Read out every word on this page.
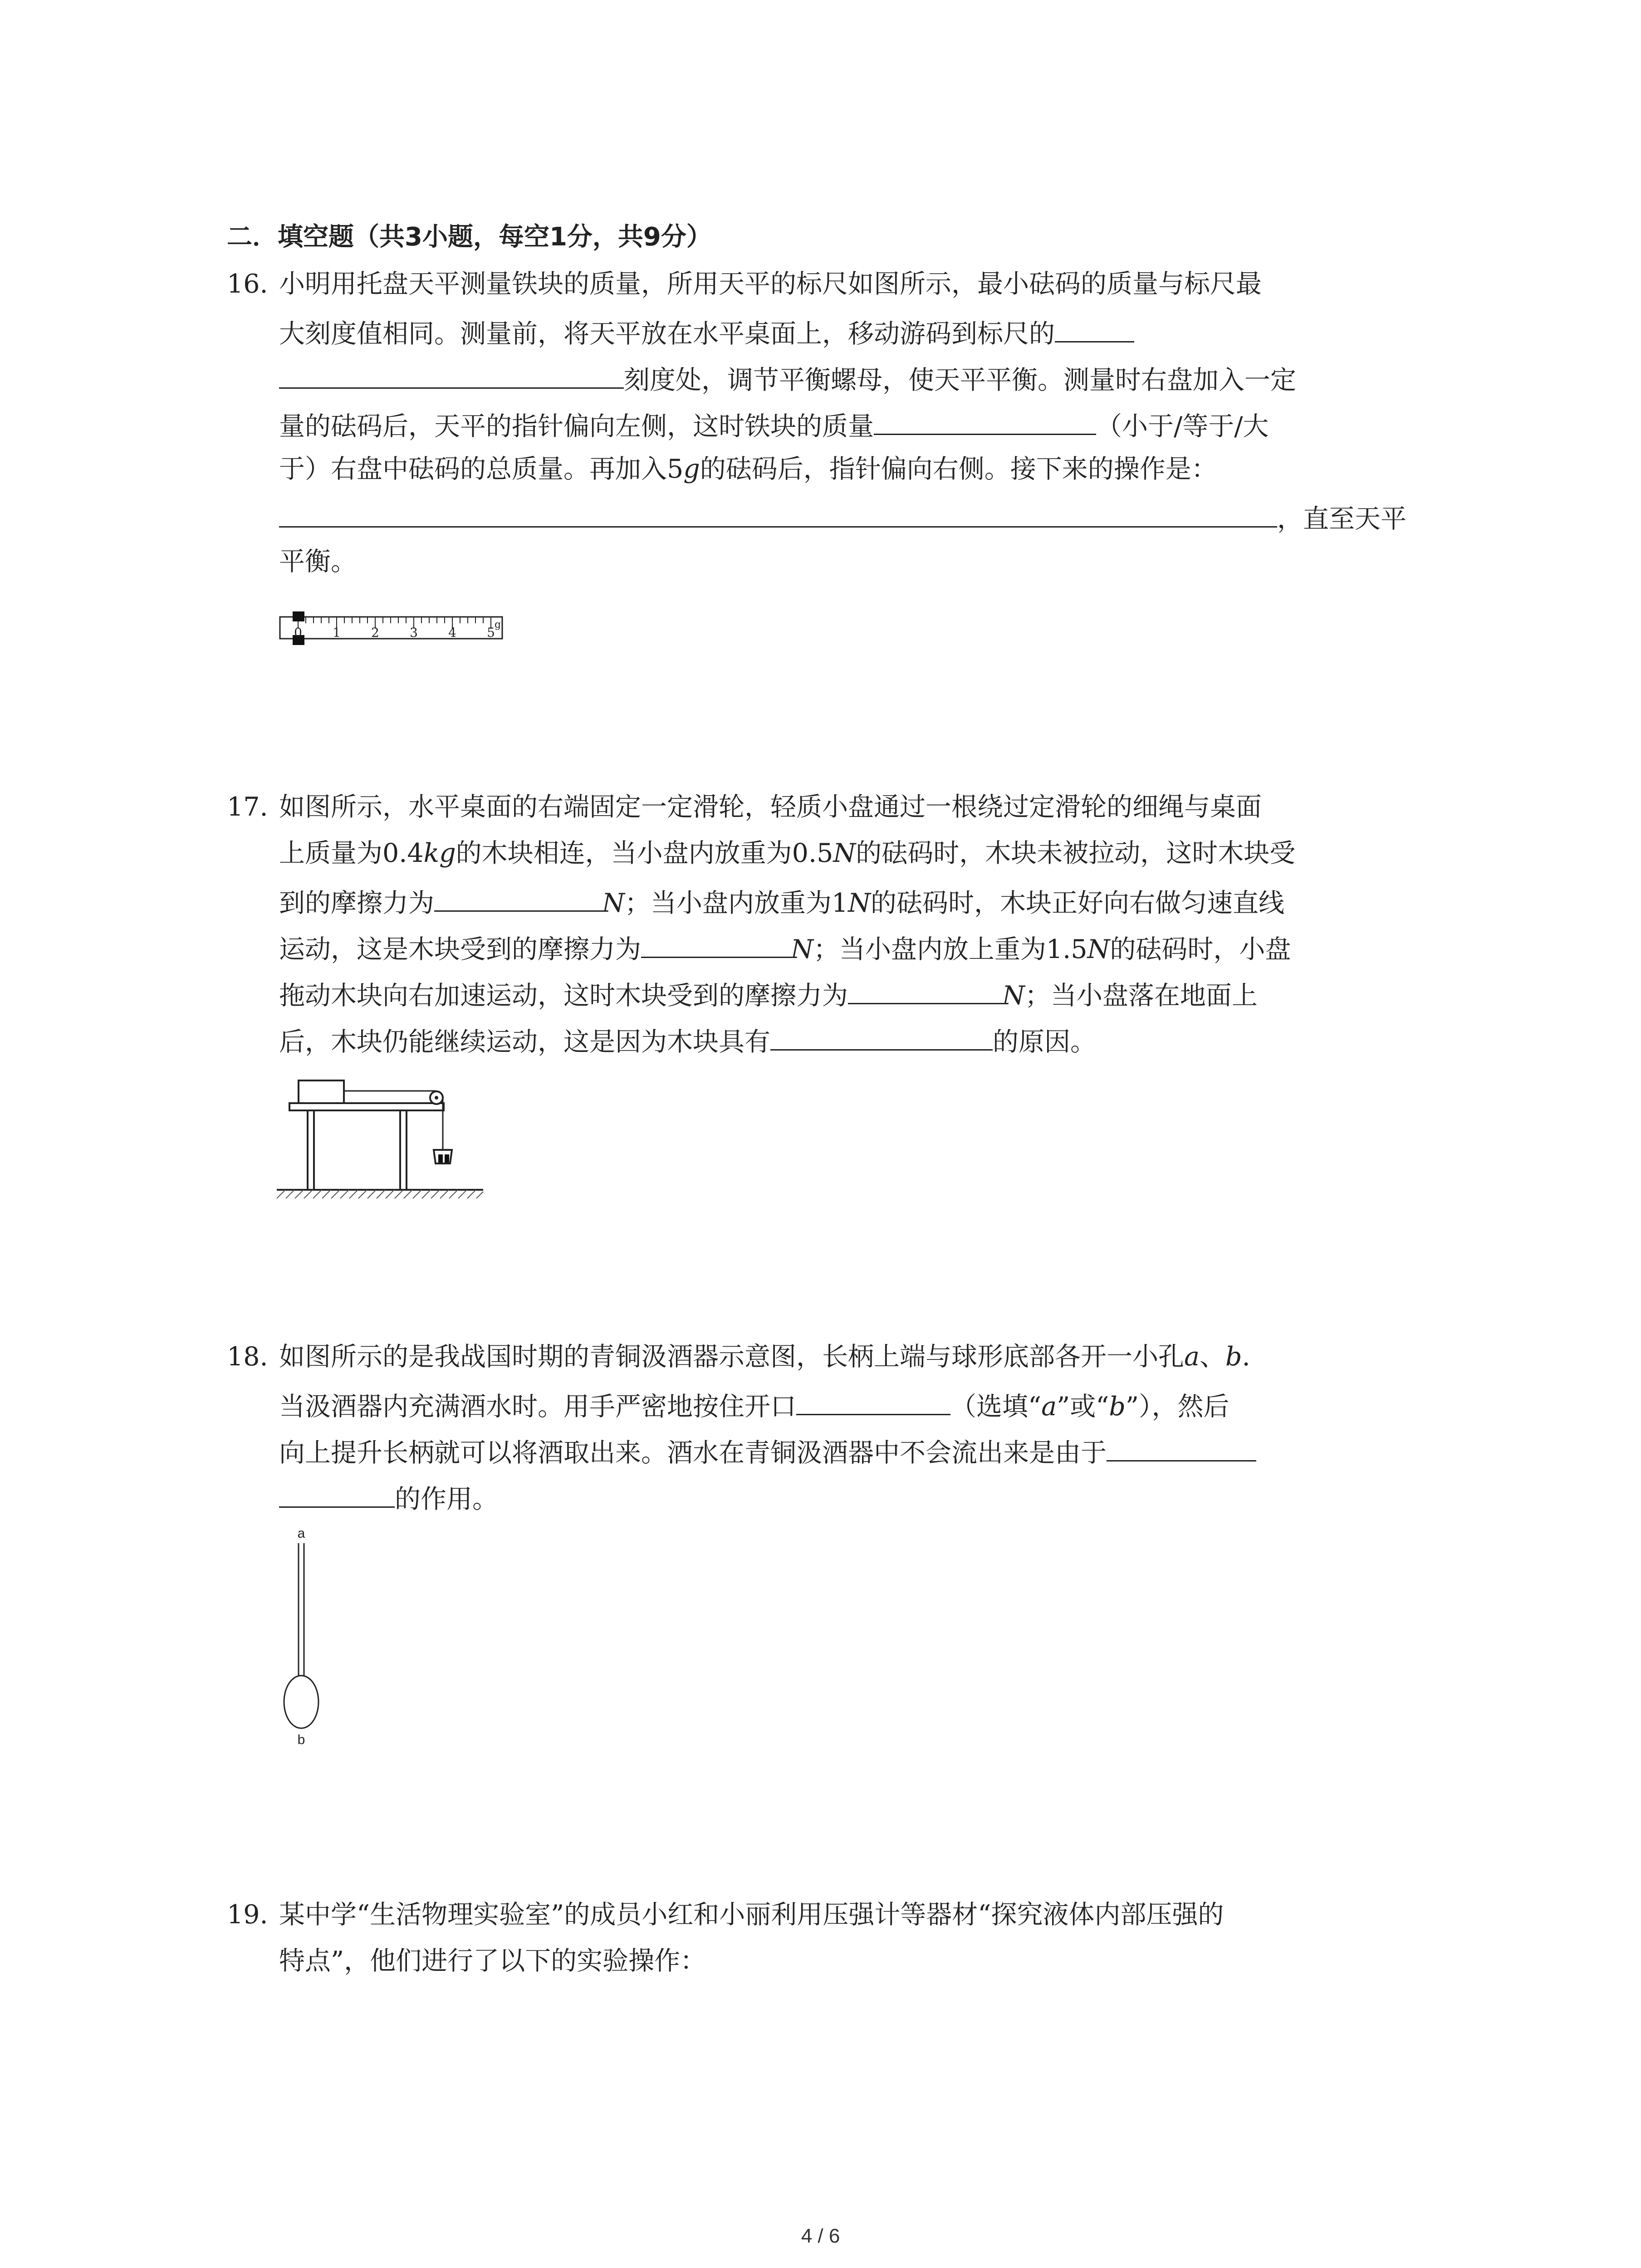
二．填空题（共3小题，每空1分，共9分）
16. 小明用托盘天平测量铁块的质量，所用天平的标尺如图所示，最小砝码的质量与标尺最
大刻度值相同。测量前，将天平放在水平桌面上，移动游码到标尺的
刻度处，调节平衡螺母，使天平平衡。测量时右盘加入一定
量的砝码后，天平的指针偏向左侧，这时铁块的质量	（小于/等于/大
于）右盘中砝码的总质量。再加入5g的砝码后，指针偏向右侧。接下来的操作是：
，直至天平
平衡。
0 1 2 3 4 5
g
17. 如图所示，水平桌面的右端固定一定滑轮，轻质小盘通过一根绕过定滑轮的细绳与桌面
上质量为0.4kg的木块相连，当小盘内放重为0.5N的砝码时，木块未被拉动，这时木块受
到的摩擦力为	N；当小盘内放重为1N的砝码时，木块正好向右做匀速直线
运动，这是木块受到的摩擦力为	N；当小盘内放上重为1.5N的砝码时，小盘
拖动木块向右加速运动，这时木块受到的摩擦力为	N；当小盘落在地面上
后，木块仍能继续运动，这是因为木块具有	的原因。
18. 如图所示的是我战国时期的青铜汲酒器示意图，长柄上端与球形底部各开一小孔a、b.
当汲酒器内充满酒水时。用手严密地按住开口	（选填“a”或“b”），然后
向上提升长柄就可以将酒取出来。酒水在青铜汲酒器中不会流出来是由于
的作用。
a
b
19. 某中学“生活物理实验室”的成员小红和小丽利用压强计等器材“探究液体内部压强的
特点”，他们进行了以下的实验操作：
4 / 6
